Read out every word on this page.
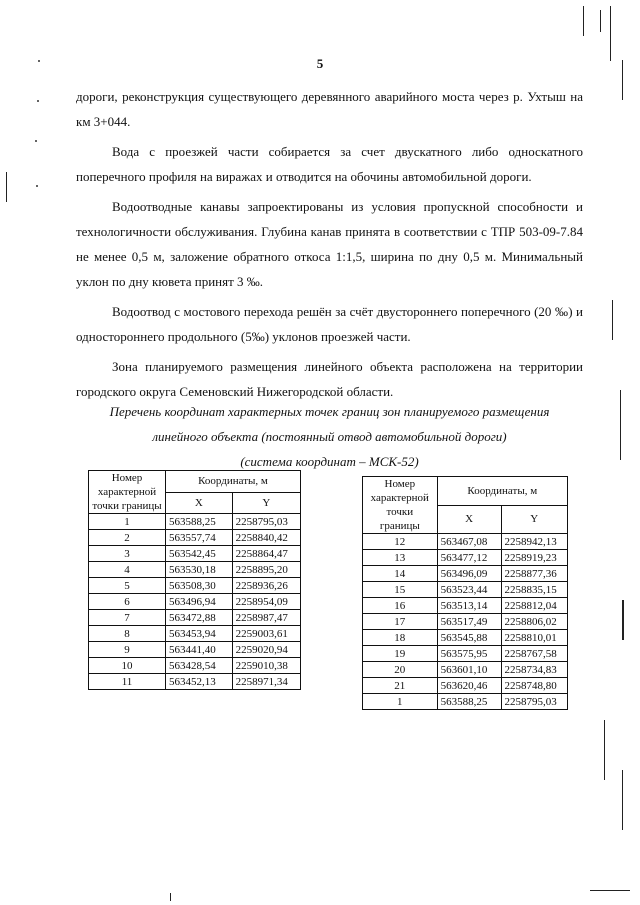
5

дороги, реконструкция существующего деревянного аварийного моста через р. Ухтыш на км 3+044.

Вода с проезжей части собирается за счет двускатного либо односкатного поперечного профиля на виражах и отводится на обочины автомобильной дороги.

Водоотводные канавы запроектированы из условия пропускной способности и технологичности обслуживания. Глубина канав принята в соответствии с ТПР 503-09-7.84 не менее 0,5 м, заложение обратного откоса 1:1,5, ширина по дну 0,5 м. Минимальный уклон по дну кювета принят 3 ‰.

Водоотвод с мостового перехода решён за счёт двустороннего поперечного (20 ‰) и одностороннего продольного (5‰) уклонов проезжей части.

Зона планируемого размещения линейного объекта расположена на территории городского округа Семеновский Нижегородской области.

Перечень координат характерных точек границ зон планируемого размещения
линейного объекта (постоянный отвод автомобильной дороги)
(система координат – МСК-52)
Номер характерной точки границы	Координаты, м	
	X	Y
1	563588,25	2258795,03
2	563557,74	2258840,42
3	563542,45	2258864,47
4	563530,18	2258895,20
5	563508,30	2258936,26
6	563496,94	2258954,09
7	563472,88	2258987,47
8	563453,94	2259003,61
9	563441,40	2259020,94
10	563428,54	2259010,38
11	563452,13	2258971,34
Номер характерной точки границы	Координаты, м	
	X	Y
12	563467,08	2258942,13
13	563477,12	2258919,23
14	563496,09	2258877,36
15	563523,44	2258835,15
16	563513,14	2258812,04
17	563517,49	2258806,02
18	563545,88	2258810,01
19	563575,95	2258767,58
20	563601,10	2258734,83
21	563620,46	2258748,80
1	563588,25	2258795,03
